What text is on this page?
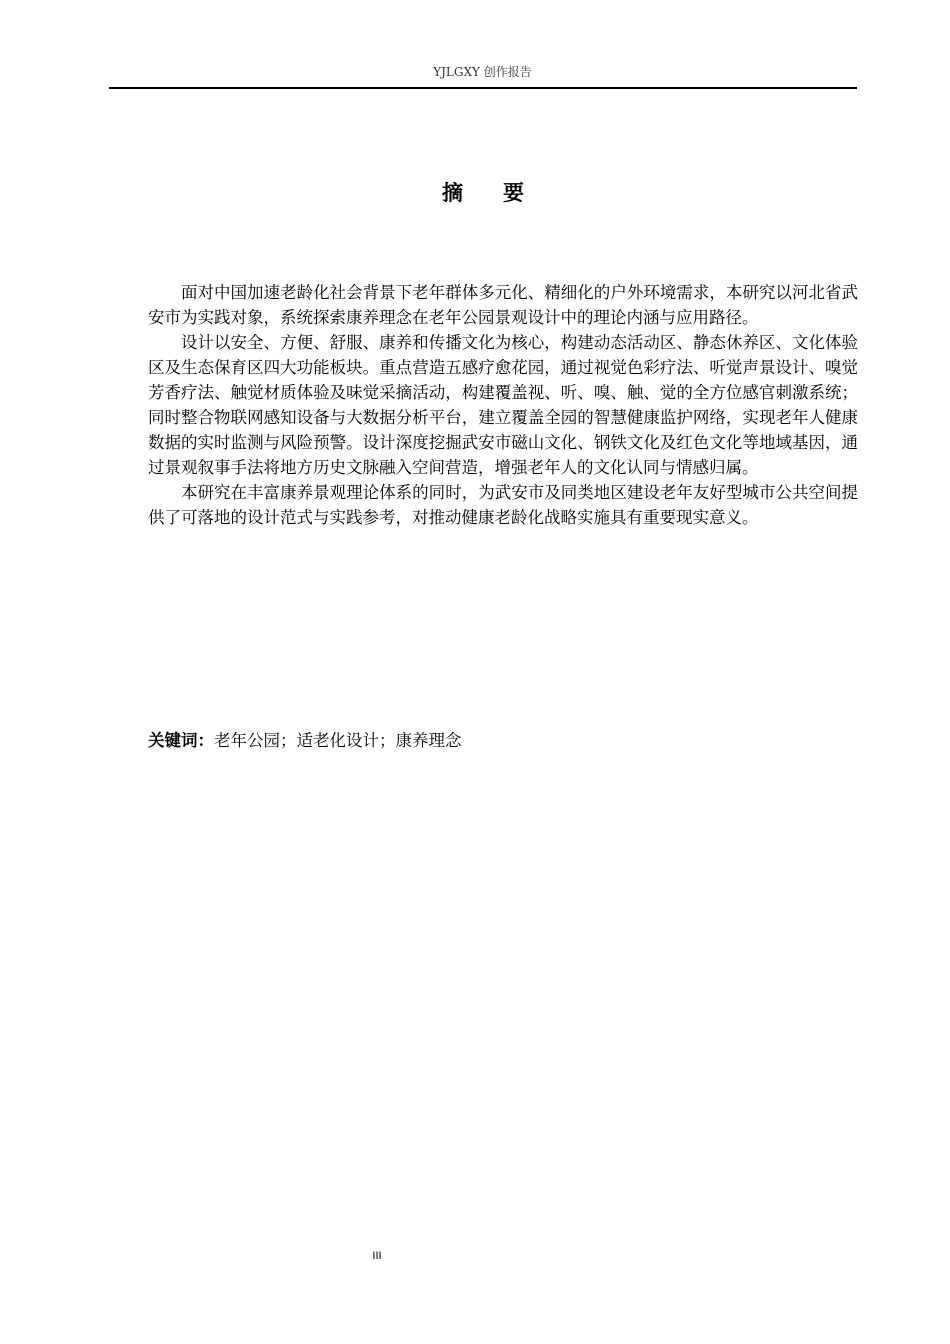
YJLGXY 创作报告
摘要

面对中国加速老龄化社会背景下老年群体多元化、精细化的户外环境需求，本研究以河北省武安市为实践对象，系统探索康养理念在老年公园景观设计中的理论内涵与应用路径。

设计以安全、方便、舒服、康养和传播文化为核心，构建动态活动区、静态休养区、文化体验区及生态保育区四大功能板块。重点营造五感疗愈花园，通过视觉色彩疗法、听觉声景设计、嗅觉芳香疗法、触觉材质体验及味觉采摘活动，构建覆盖视、听、嗅、触、觉的全方位感官刺激系统；同时整合物联网感知设备与大数据分析平台，建立覆盖全园的智慧健康监护网络，实现老年人健康数据的实时监测与风险预警。设计深度挖掘武安市磁山文化、钢铁文化及红色文化等地域基因，通过景观叙事手法将地方历史文脉融入空间营造，增强老年人的文化认同与情感归属。

本研究在丰富康养景观理论体系的同时，为武安市及同类地区建设老年友好型城市公共空间提供了可落地的设计范式与实践参考，对推动健康老龄化战略实施具有重要现实意义。

关键词：老年公园；适老化设计；康养理念
III
